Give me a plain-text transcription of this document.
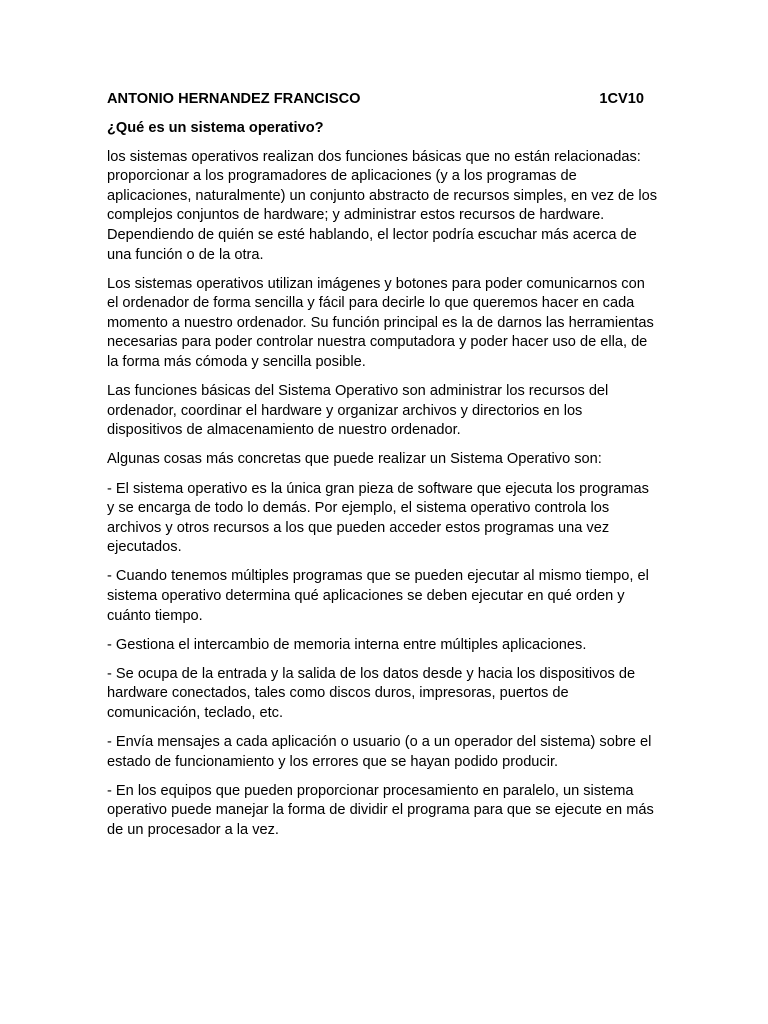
ANTONIO HERNANDEZ FRANCISCO	1CV10
¿Qué es un sistema operativo?

los sistemas operativos realizan dos funciones básicas que no están relacionadas: proporcionar a los programadores de aplicaciones (y a los programas de aplicaciones, naturalmente) un conjunto abstracto de recursos simples, en vez de los complejos conjuntos de hardware; y administrar estos recursos de hardware. Dependiendo de quién se esté hablando, el lector podría escuchar más acerca de una función o de la otra.

Los sistemas operativos utilizan imágenes y botones para poder comunicarnos con el ordenador de forma sencilla y fácil para decirle lo que queremos hacer en cada momento a nuestro ordenador. Su función principal es la de darnos las herramientas necesarias para poder controlar nuestra computadora y poder hacer uso de ella, de la forma más cómoda y sencilla posible.

Las funciones básicas del Sistema Operativo son administrar los recursos del ordenador, coordinar el hardware y organizar archivos y directorios en los dispositivos de almacenamiento de nuestro ordenador.

Algunas cosas más concretas que puede realizar un Sistema Operativo son:

- El sistema operativo es la única gran pieza de software que ejecuta los programas y se encarga de todo lo demás. Por ejemplo, el sistema operativo controla los archivos y otros recursos a los que pueden acceder estos programas una vez ejecutados.

- Cuando tenemos múltiples programas que se pueden ejecutar al mismo tiempo, el sistema operativo determina qué aplicaciones se deben ejecutar en qué orden y cuánto tiempo.

- Gestiona el intercambio de memoria interna entre múltiples aplicaciones.

- Se ocupa de la entrada y la salida de los datos desde y hacia los dispositivos de hardware conectados, tales como discos duros, impresoras, puertos de comunicación, teclado, etc.

- Envía mensajes a cada aplicación o usuario (o a un operador del sistema) sobre el estado de funcionamiento y los errores que se hayan podido producir.

- En los equipos que pueden proporcionar procesamiento en paralelo, un sistema operativo puede manejar la forma de dividir el programa para que se ejecute en más de un procesador a la vez.
